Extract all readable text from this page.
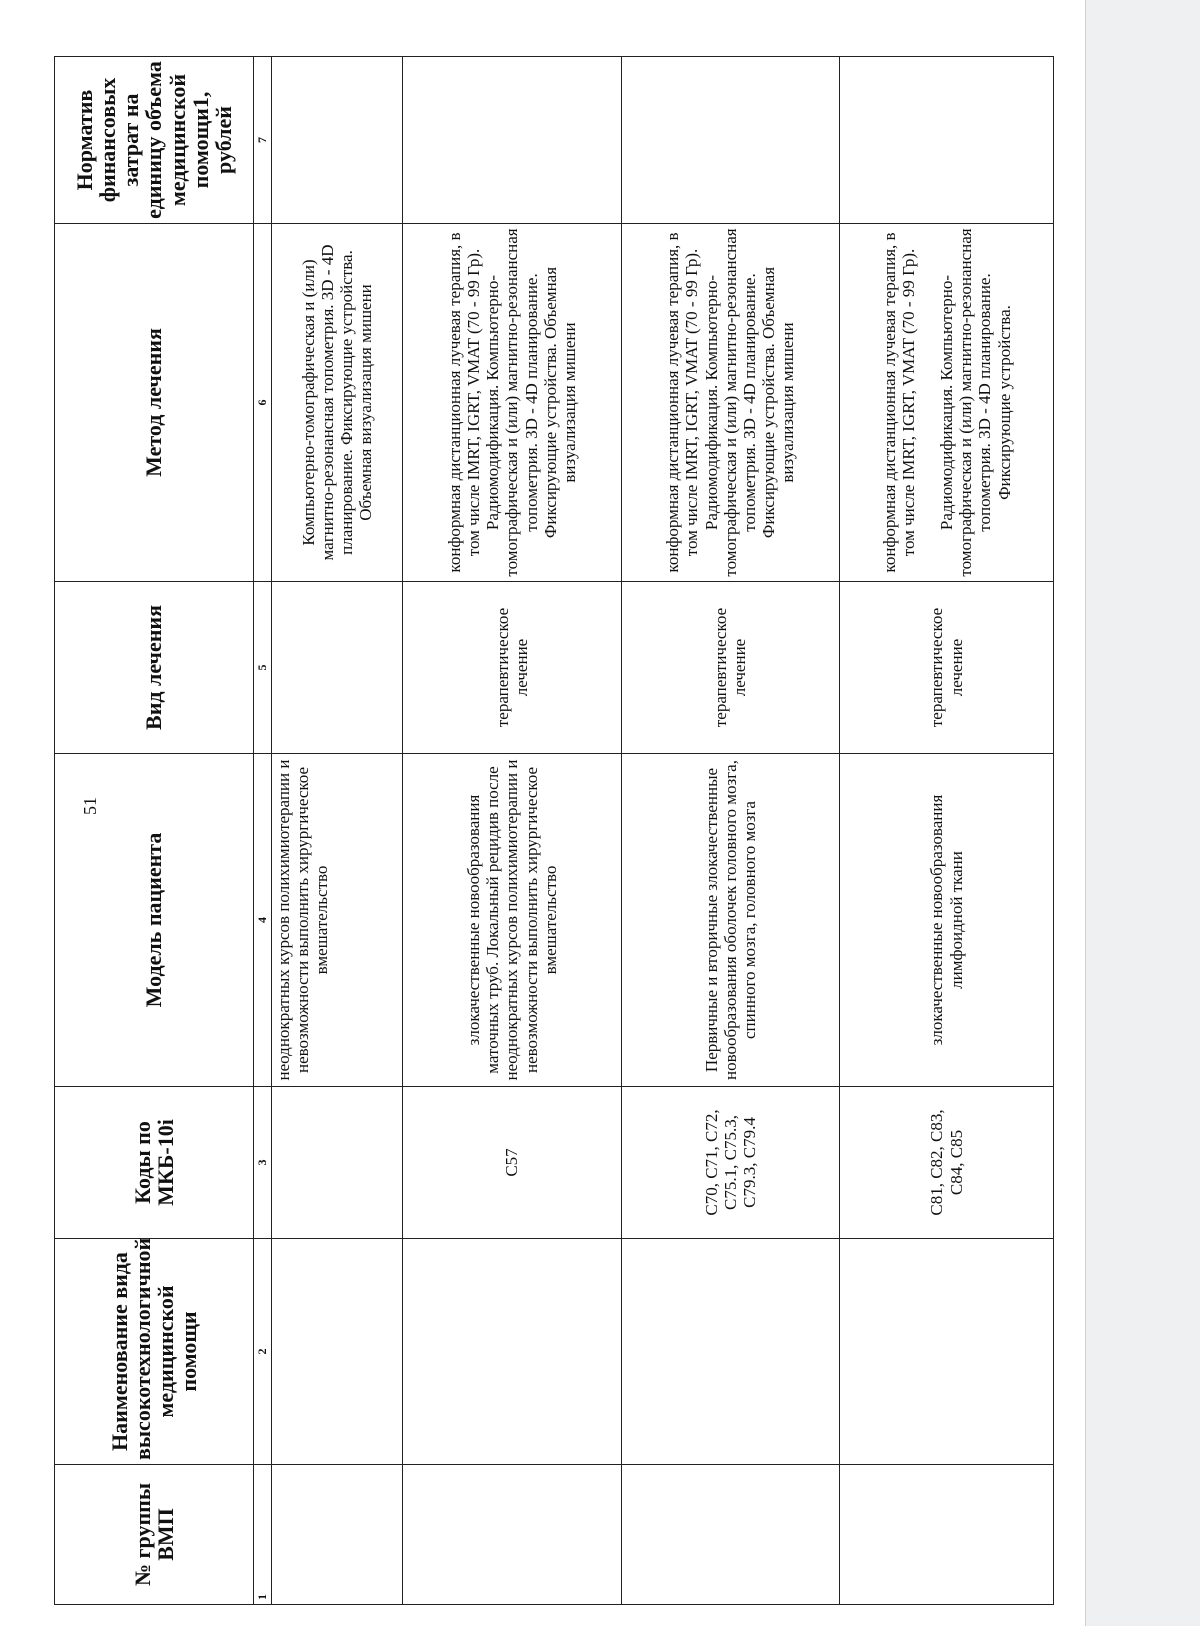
51
№ группы ВМП	Наименование вида высокотехнологичной медицинской помощи	Коды по МКБ-10i	Модель пациента	Вид лечения	Метод лечения	Норматив финансовых затрат на единицу объема медицинской помощи1, рублей
1	2	3	4	5	6	7
			неоднократных курсов полихимиотерапии и невозможности выполнить хирургическое вмешательство		Компьютерно-томографическая и (или) магнитно-резонансная топометрия. 3D - 4D планирование. Фиксирующие устройства. Объемная визуализация мишени	
		C57	злокачественные новообразования маточных труб. Локальный рецидив после неоднократных курсов полихимиотерапии и невозможности выполнить хирургическое вмешательство	терапевтическое лечение	конформная дистанционная лучевая терапия, в том числе IMRT, IGRT, VMAT (70 - 99 Гр). Радиомодификация. Компьютерно-томографическая и (или) магнитно-резонансная топометрия. 3D - 4D планирование. Фиксирующие устройства. Объемная визуализация мишени	
		C70, C71, C72, C75.1, C75.3, C79.3, C79.4	Первичные и вторичные злокачественные новообразования оболочек головного мозга, спинного мозга, головного мозга	терапевтическое лечение	конформная дистанционная лучевая терапия, в том числе IMRT, IGRT, VMAT (70 - 99 Гр). Радиомодификация. Компьютерно-томографическая и (или) магнитно-резонансная топометрия. 3D - 4D планирование. Фиксирующие устройства. Объемная визуализация мишени	
		C81, C82, C83, C84, C85	злокачественные новообразования лимфоидной ткани	терапевтическое лечение	конформная дистанционная лучевая терапия, в том числе IMRT, IGRT, VMAT (70 - 99 Гр). Радиомодификация. Компьютерно-томографическая и (или) магнитно-резонансная топометрия. 3D - 4D планирование. Фиксирующие устройства.	
